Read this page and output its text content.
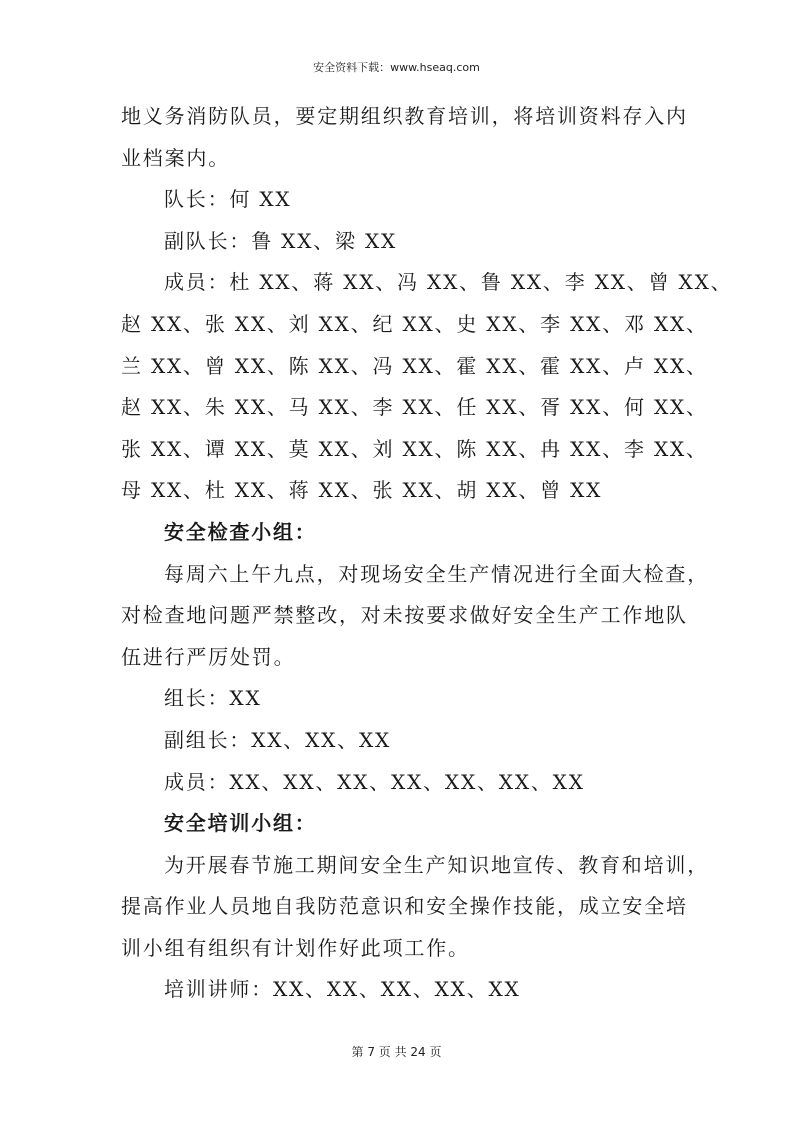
安全资料下载：www.hseaq.com
地义务消防队员，要定期组织教育培训，将培训资料存入内
业档案内。
队长：何 XX
副队长：鲁 XX、梁 XX
成员：杜 XX、蒋 XX、冯 XX、鲁 XX、李 XX、曾 XX、
赵 XX、张 XX、刘 XX、纪 XX、史 XX、李 XX、邓 XX、
兰 XX、曾 XX、陈 XX、冯 XX、霍 XX、霍 XX、卢 XX、
赵 XX、朱 XX、马 XX、李 XX、任 XX、胥 XX、何 XX、
张 XX、谭 XX、莫 XX、刘 XX、陈 XX、冉 XX、李 XX、
母 XX、杜 XX、蒋 XX、张 XX、胡 XX、曾 XX
安全检查小组：
每周六上午九点，对现场安全生产情况进行全面大检查，
对检查地问题严禁整改，对未按要求做好安全生产工作地队
伍进行严厉处罚。
组长：XX
副组长：XX、XX、XX
成员：XX、XX、XX、XX、XX、XX、XX
安全培训小组：
为开展春节施工期间安全生产知识地宣传、教育和培训，
提高作业人员地自我防范意识和安全操作技能，成立安全培
训小组有组织有计划作好此项工作。
培训讲师：XX、XX、XX、XX、XX
第 7 页 共 24 页
